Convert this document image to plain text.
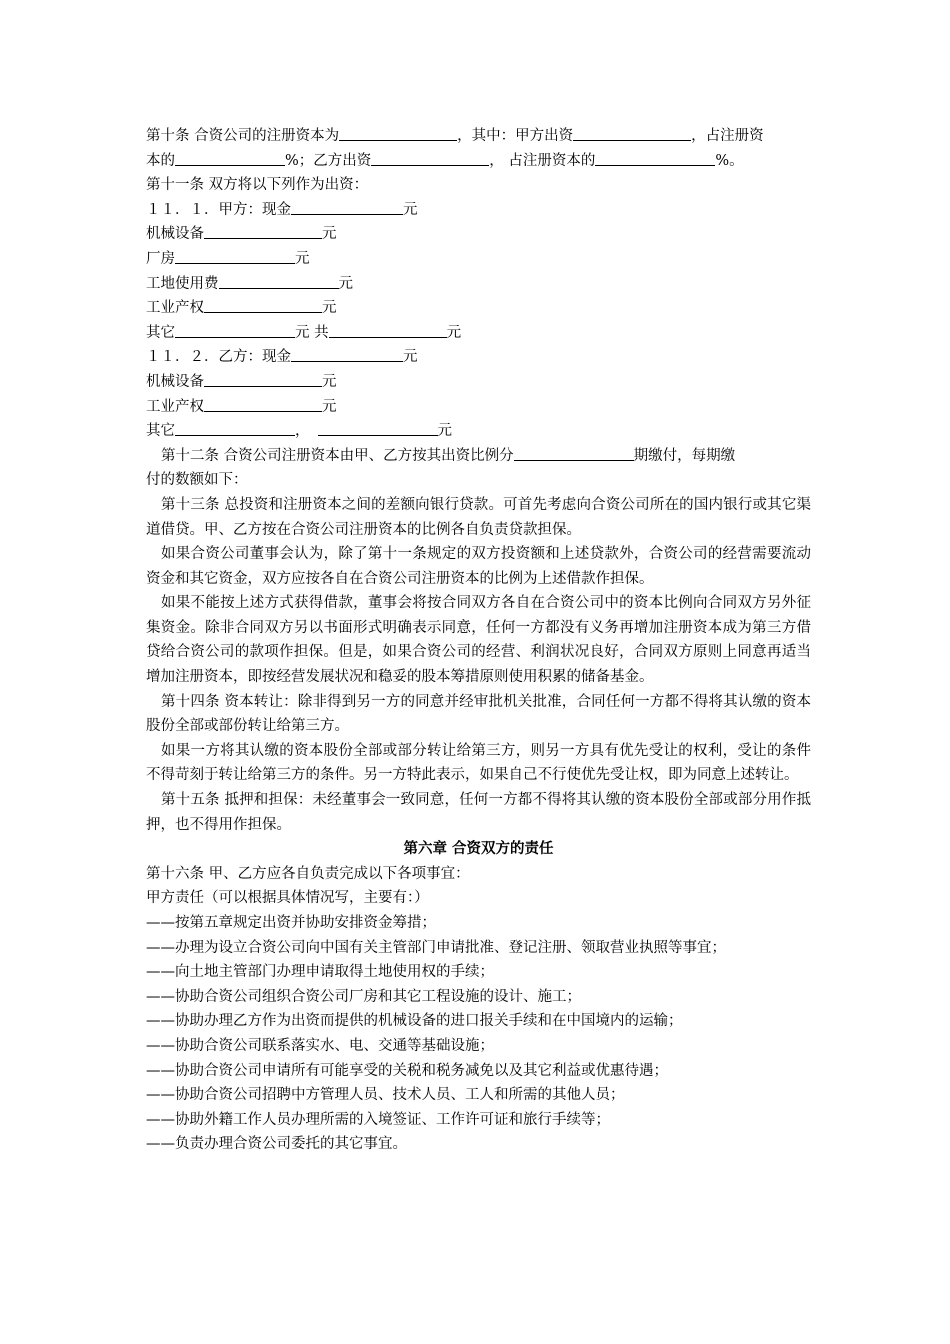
第十条 合资公司的注册资本为	，其中：甲方出资	，占注册资
本的	%；乙方出资	， 占注册资本的	%。
第十一条 双方将以下列作为出资：
１１．１．甲方：现金	元
机械设备	元
厂房	元
工地使用费	元
工业产权	元
其它	元 共	元
１１．２．乙方：现金	元
机械设备	元
工业产权	元
其它	，	元
第十二条 合资公司注册资本由甲、乙方按其出资比例分	期缴付，每期缴
付的数额如下：
第十三条 总投资和注册资本之间的差额向银行贷款。可首先考虑向合资公司所在的国内银行或其它渠道借贷。甲、乙方按在合资公司注册资本的比例各自负责贷款担保。
如果合资公司董事会认为，除了第十一条规定的双方投资额和上述贷款外，合资公司的经营需要流动资金和其它资金，双方应按各自在合资公司注册资本的比例为上述借款作担保。
如果不能按上述方式获得借款，董事会将按合同双方各自在合资公司中的资本比例向合同双方另外征集资金。除非合同双方另以书面形式明确表示同意，任何一方都没有义务再增加注册资本成为第三方借贷给合资公司的款项作担保。但是，如果合资公司的经营、利润状况良好，合同双方原则上同意再适当增加注册资本，即按经营发展状况和稳妥的股本筹措原则使用积累的储备基金。
第十四条 资本转让：除非得到另一方的同意并经审批机关批准，合同任何一方都不得将其认缴的资本股份全部或部份转让给第三方。
如果一方将其认缴的资本股份全部或部分转让给第三方，则另一方具有优先受让的权利，受让的条件不得苛刻于转让给第三方的条件。另一方特此表示，如果自己不行使优先受让权，即为同意上述转让。
第十五条 抵押和担保：未经董事会一致同意，任何一方都不得将其认缴的资本股份全部或部分用作抵押，也不得用作担保。
第六章 合资双方的责任
第十六条 甲、乙方应各自负责完成以下各项事宜：
甲方责任（可以根据具体情况写，主要有：）
——按第五章规定出资并协助安排资金筹措；
——办理为设立合资公司向中国有关主管部门申请批准、登记注册、领取营业执照等事宜；
——向土地主管部门办理申请取得土地使用权的手续；
——协助合资公司组织合资公司厂房和其它工程设施的设计、施工；
——协助办理乙方作为出资而提供的机械设备的进口报关手续和在中国境内的运输；
——协助合资公司联系落实水、电、交通等基础设施；
——协助合资公司申请所有可能享受的关税和税务减免以及其它利益或优惠待遇；
——协助合资公司招聘中方管理人员、技术人员、工人和所需的其他人员；
——协助外籍工作人员办理所需的入境签证、工作许可证和旅行手续等；
——负责办理合资公司委托的其它事宜。
